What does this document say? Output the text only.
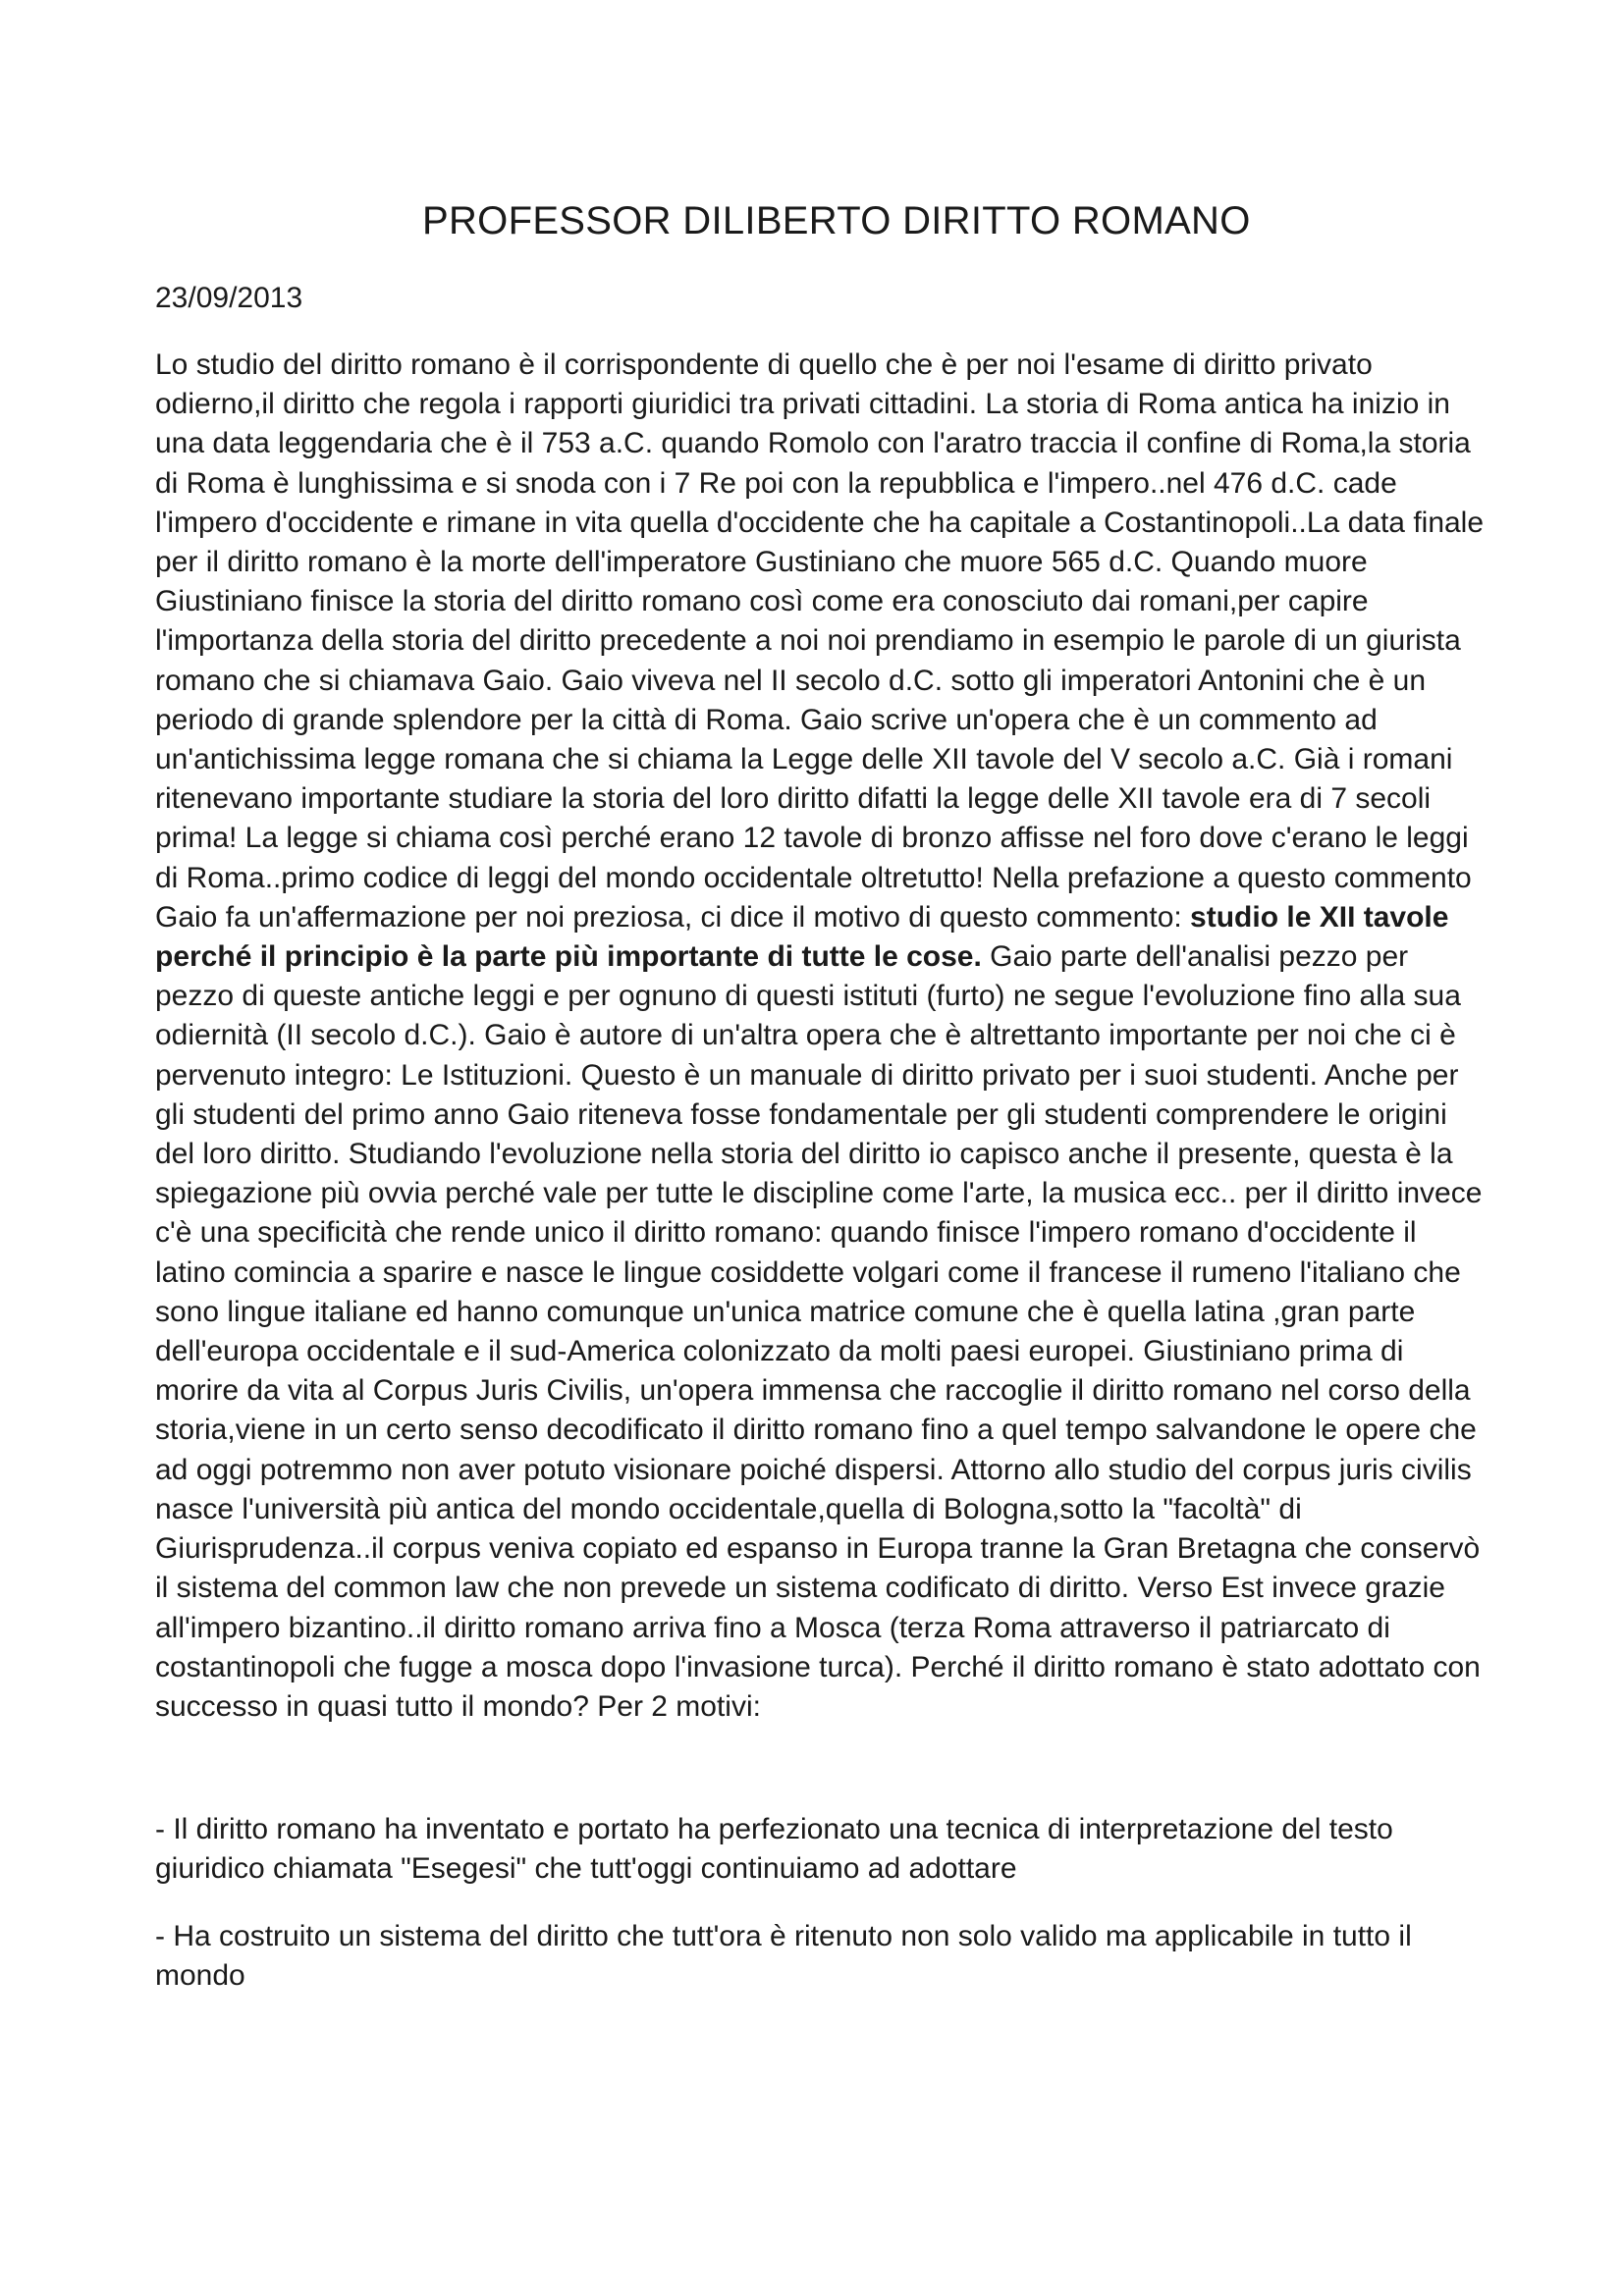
PROFESSOR DILIBERTO DIRITTO ROMANO

23/09/2013

Lo studio del diritto romano è il corrispondente di quello che è per noi l'esame di diritto privato odierno,il diritto che regola i rapporti giuridici tra privati cittadini. La storia di Roma antica ha inizio in una data leggendaria che è il 753 a.C. quando Romolo con l'aratro traccia il confine di Roma,la storia di Roma è lunghissima e si snoda con i 7 Re poi con la repubblica e l'impero..nel 476 d.C. cade l'impero d'occidente e rimane in vita quella d'occidente che ha capitale a Costantinopoli..La data finale per il diritto romano è la morte dell'imperatore Gustiniano che muore 565 d.C. Quando muore Giustiniano finisce la storia del diritto romano così come era conosciuto dai romani,per capire l'importanza della storia del diritto precedente a noi noi prendiamo in esempio le parole di un giurista romano che si chiamava Gaio. Gaio viveva nel II secolo d.C. sotto gli imperatori Antonini che è un periodo di grande splendore per la città di Roma. Gaio scrive un'opera che è un commento ad un'antichissima legge romana che si chiama la Legge delle XII tavole del V secolo a.C. Già i romani ritenevano importante studiare la storia del loro diritto difatti la legge delle XII tavole era di 7 secoli prima! La legge si chiama così perché erano 12 tavole di bronzo affisse nel foro dove c'erano le leggi di Roma..primo codice di leggi del mondo occidentale oltretutto! Nella prefazione a questo commento Gaio fa un'affermazione per noi preziosa, ci dice il motivo di questo commento: studio le XII tavole perché il principio è la parte più importante di tutte le cose. Gaio parte dell'analisi pezzo per pezzo di queste antiche leggi e per ognuno di questi istituti (furto) ne segue l'evoluzione fino alla sua odiernità (II secolo d.C.). Gaio è autore di un'altra opera che è altrettanto importante per noi che ci è pervenuto integro: Le Istituzioni. Questo è un manuale di diritto privato per i suoi studenti. Anche per gli studenti del primo anno Gaio riteneva fosse fondamentale per gli studenti comprendere le origini del loro diritto. Studiando l'evoluzione nella storia del diritto io capisco anche il presente, questa è la spiegazione più ovvia perché vale per tutte le discipline come l'arte, la musica ecc.. per il diritto invece c'è una specificità che rende unico il diritto romano: quando finisce l'impero romano d'occidente il latino comincia a sparire e nasce le lingue cosiddette volgari come il francese il rumeno l'italiano che sono lingue italiane ed hanno comunque un'unica matrice comune che è quella latina ,gran parte dell'europa occidentale e il sud-America colonizzato da molti paesi europei. Giustiniano prima di morire da vita al Corpus Juris Civilis, un'opera immensa che raccoglie il diritto romano nel corso della storia,viene in un certo senso decodificato il diritto romano fino a quel tempo salvandone le opere che ad oggi potremmo non aver potuto visionare poiché dispersi. Attorno allo studio del corpus juris civilis nasce l'università più antica del mondo occidentale,quella di Bologna,sotto la "facoltà" di Giurisprudenza..il corpus veniva copiato ed espanso in Europa tranne la Gran Bretagna che conservò il sistema del common law che non prevede un sistema codificato di diritto. Verso Est invece grazie all'impero bizantino..il diritto romano arriva fino a Mosca (terza Roma attraverso il patriarcato di costantinopoli che fugge a mosca dopo l'invasione turca). Perché il diritto romano è stato adottato con successo in quasi tutto il mondo? Per 2 motivi:

- Il diritto romano ha inventato e portato ha perfezionato una tecnica di interpretazione del testo giuridico chiamata "Esegesi" che tutt'oggi continuiamo ad adottare

- Ha costruito un sistema del diritto che tutt'ora è ritenuto non solo valido ma applicabile in tutto il mondo
